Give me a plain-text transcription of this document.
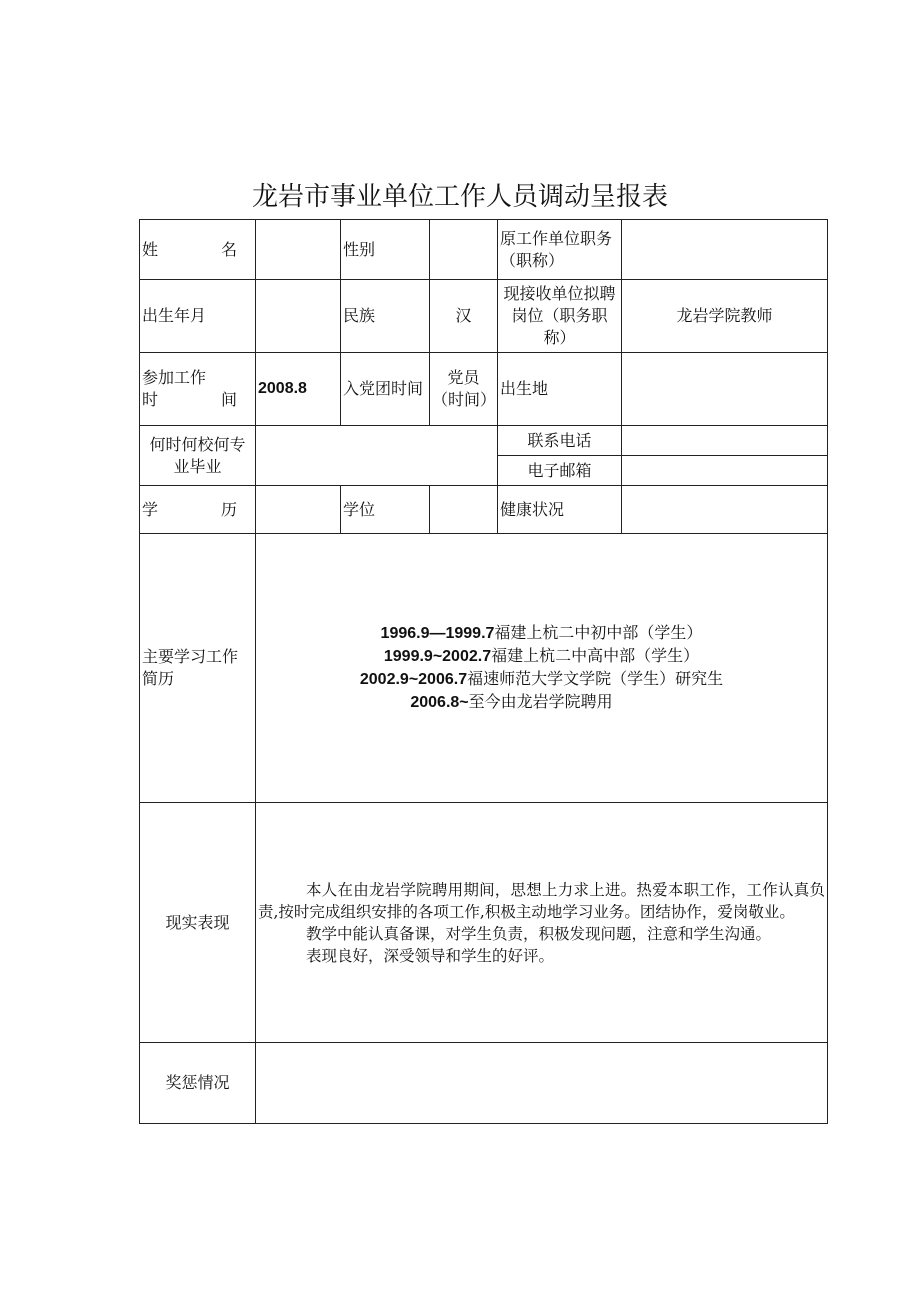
龙岩市事业单位工作人员调动呈报表
姓 名		性别		原工作单位职务（职称）	
出生年月		民族	汉	现接收单位拟聘岗位（职务职称）	龙岩学院教师

参加工作
时 间	2008.8	入党团时间	党员（时间）	出生地	
何时何校何专业毕业				联系电话	
				电子邮箱	

学 历		学位		健康状况	
主要学习工作简历	1996.9—1999.7福建上杭二中初中部（学生）
1999.9~2002.7福建上杭二中高中部（学生）
2002.9~2006.7福速师范大学文学院（学生）研究生
2006.8~至今由龙岩学院聘用				

现实表现	本人在由龙岩学院聘用期间，思想上力求上进。热爱本职工作，工作认真负责,按时完成组织安排的各项工作,积极主动地学习业务。团结协作，爱岗敬业。

教学中能认真备课，对学生负责，积极发现问题，注意和学生沟通。

表现良好，深受领导和学生的好评。				

奖惩情况					
